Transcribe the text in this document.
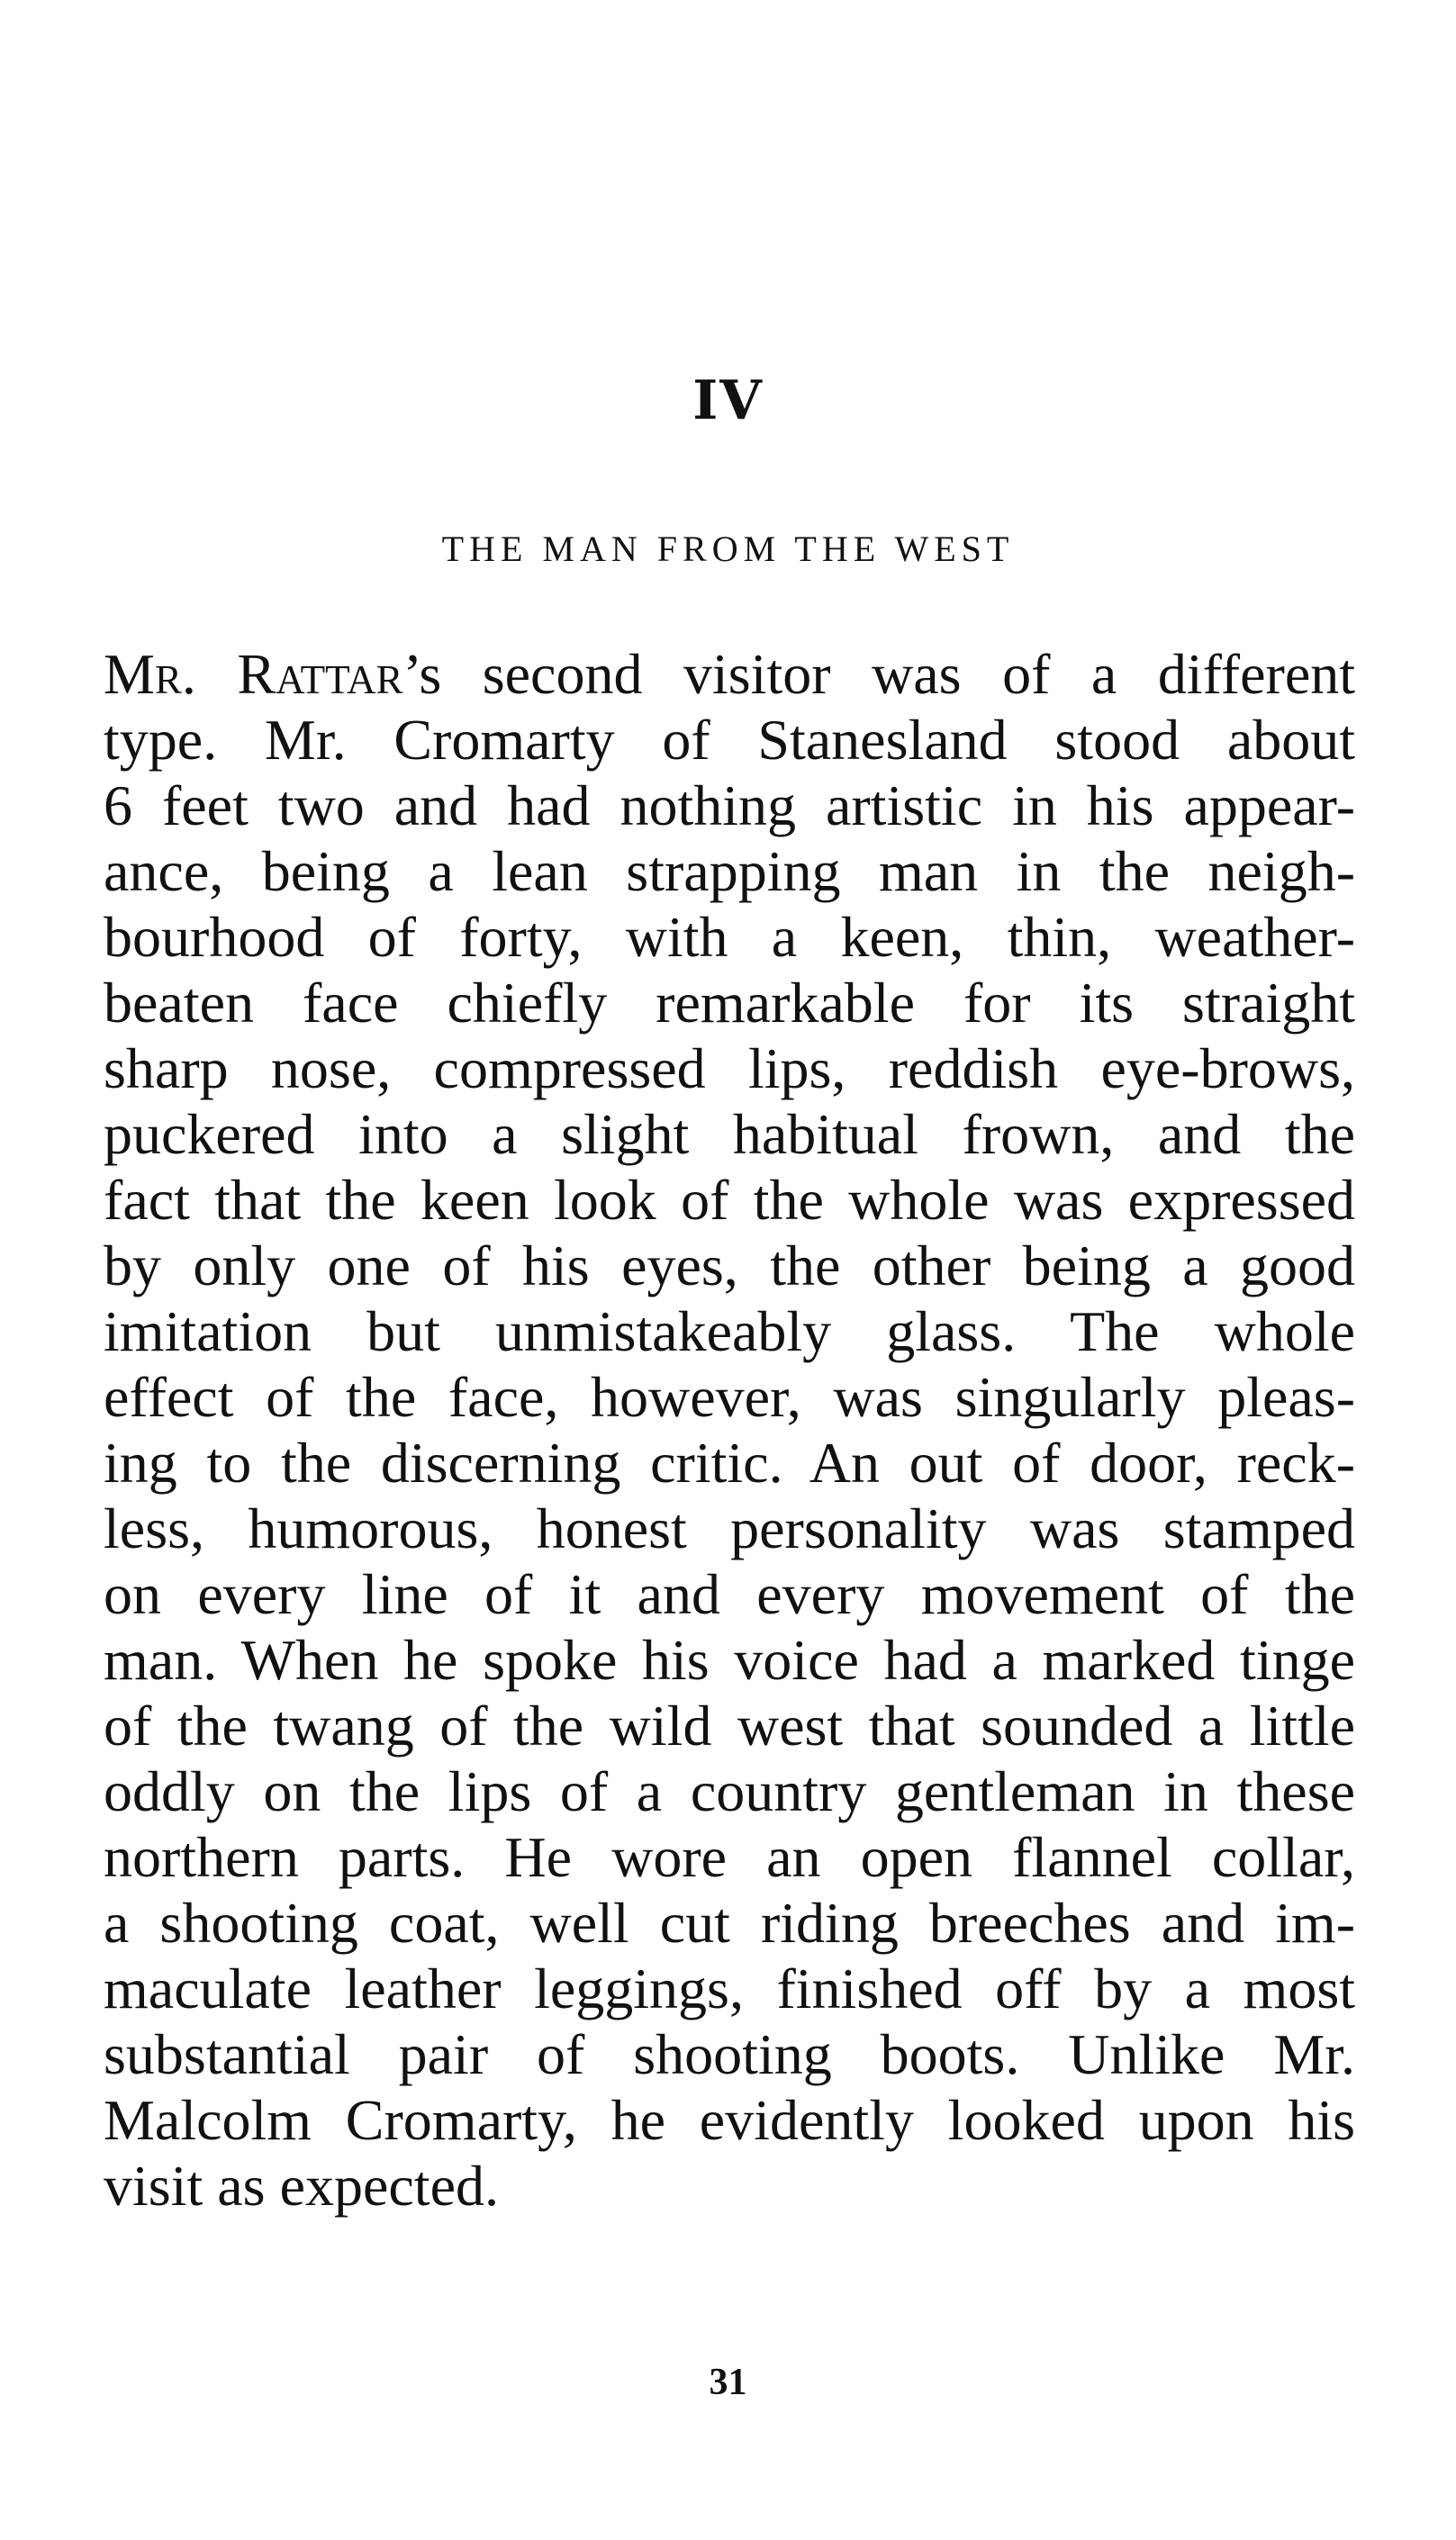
IV
THE MAN FROM THE WEST
Mr. Rattar’s second visitor was of a different
type. Mr. Cromarty of Stanesland stood about
6 feet two and had nothing artistic in his appear-
ance, being a lean strapping man in the neigh-
bourhood of forty, with a keen, thin, weather-
beaten face chiefly remarkable for its straight
sharp nose, compressed lips, reddish eye-brows,
puckered into a slight habitual frown, and the
fact that the keen look of the whole was expressed
by only one of his eyes, the other being a good
imitation but unmistakeably glass. The whole
effect of the face, however, was singularly pleas-
ing to the discerning critic. An out of door, reck-
less, humorous, honest personality was stamped
on every line of it and every movement of the
man. When he spoke his voice had a marked tinge
of the twang of the wild west that sounded a little
oddly on the lips of a country gentleman in these
northern parts. He wore an open flannel collar,
a shooting coat, well cut riding breeches and im-
maculate leather leggings, finished off by a most
substantial pair of shooting boots. Unlike Mr.
Malcolm Cromarty, he evidently looked upon his
visit as expected.
31
